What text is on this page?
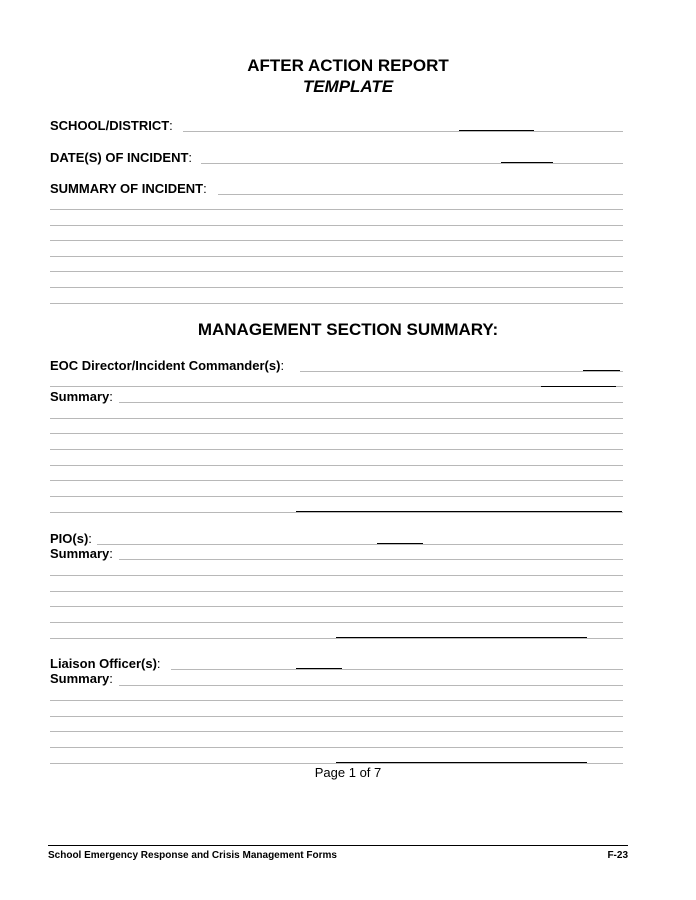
AFTER ACTION REPORT
TEMPLATE
SCHOOL/DISTRICT:
DATE(S) OF INCIDENT:
SUMMARY OF INCIDENT:
MANAGEMENT SECTION SUMMARY:
EOC Director/Incident Commander(s):
Summary:
PIO(s):
Summary:
Liaison Officer(s):
Summary:
Page 1 of 7
School Emergency Response and Crisis Management Forms	F-23
